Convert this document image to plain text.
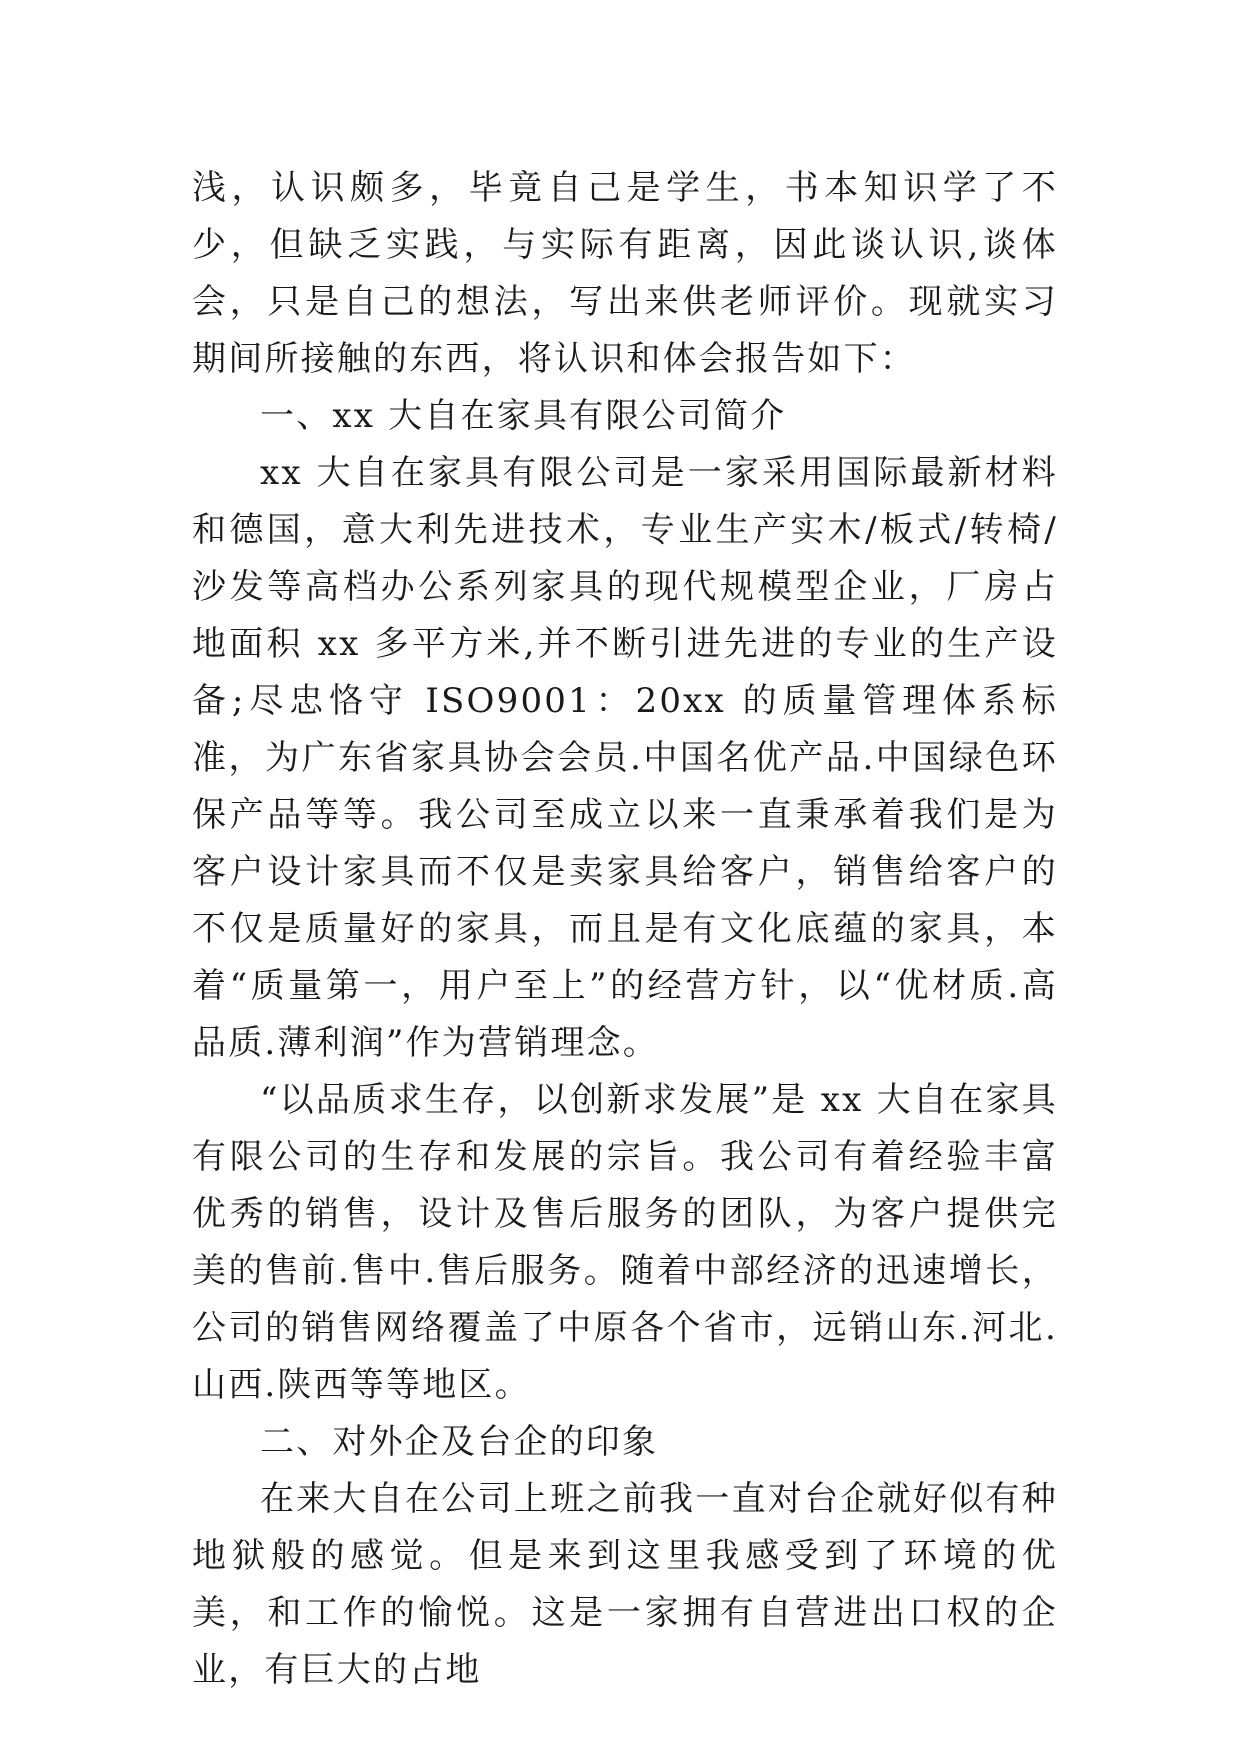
浅，认识颇多，毕竟自己是学生，书本知识学了不少，但缺乏实践，与实际有距离，因此谈认识,谈体会，只是自己的想法，写出来供老师评价。现就实习期间所接触的东西，将认识和体会报告如下：

一、xx 大自在家具有限公司简介

xx 大自在家具有限公司是一家采用国际最新材料和德国，意大利先进技术，专业生产实木/板式/转椅/沙发等高档办公系列家具的现代规模型企业，厂房占地面积 xx 多平方米,并不断引进先进的专业的生产设备;尽忠恪守 ISO9001：20xx 的质量管理体系标准，为广东省家具协会会员.中国名优产品.中国绿色环保产品等等。我公司至成立以来一直秉承着我们是为客户设计家具而不仅是卖家具给客户，销售给客户的不仅是质量好的家具，而且是有文化底蕴的家具，本着“质量第一，用户至上”的经营方针，以“优材质.高品质.薄利润”作为营销理念。

“以品质求生存，以创新求发展”是 xx 大自在家具有限公司的生存和发展的宗旨。我公司有着经验丰富优秀的销售，设计及售后服务的团队，为客户提供完美的售前.售中.售后服务。随着中部经济的迅速增长，公司的销售网络覆盖了中原各个省市，远销山东.河北.山西.陕西等等地区。

二、对外企及台企的印象

在来大自在公司上班之前我一直对台企就好似有种地狱般的感觉。但是来到这里我感受到了环境的优美，和工作的愉悦。这是一家拥有自营进出口权的企业，有巨大的占地
